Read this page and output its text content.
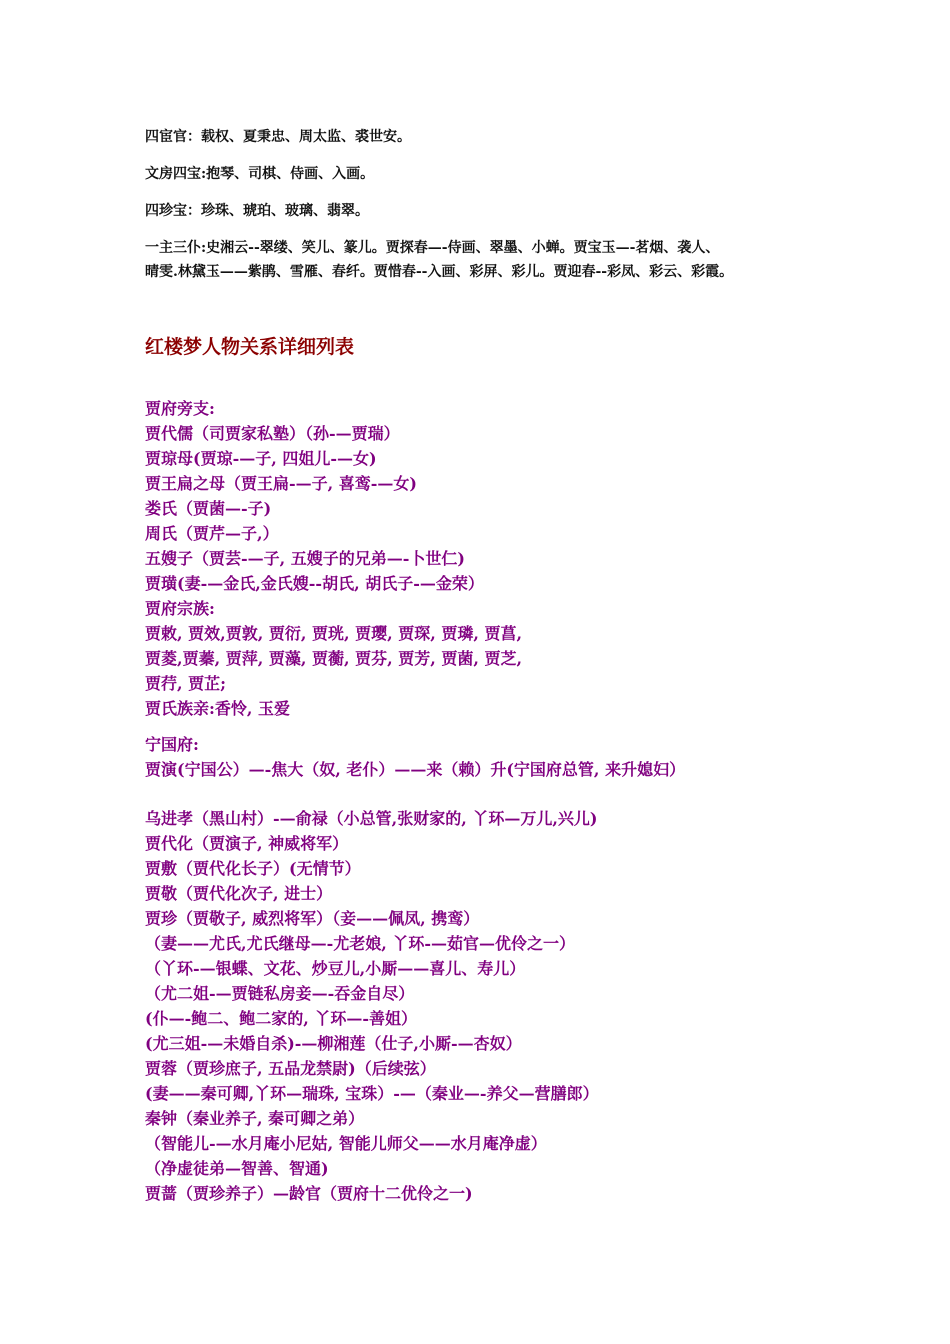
四宦官：载权、夏秉忠、周太监、裘世安。
文房四宝:抱琴、司棋、侍画、入画。
四珍宝：珍珠、琥珀、玻璃、翡翠。
一主三仆:史湘云--翠缕、笑儿、篆儿。贾探春—-侍画、翠墨、小蝉。贾宝玉—-茗烟、袭人、
晴雯.林黛玉——紫鹃、雪雁、春纤。贾惜春--入画、彩屏、彩儿。贾迎春--彩凤、彩云、彩霞。
红楼梦人物关系详细列表
贾府旁支:
贾代儒（司贾家私塾）（孙-—贾瑞）
贾琼母(贾琼-—子, 四姐儿-—女)
贾王扁之母（贾王扁-—子, 喜鸾-—女)
娄氏（贾菌—-子)
周氏（贾芹—子,）
五嫂子（贾芸-—子, 五嫂子的兄弟—-卜世仁)
贾璜(妻-—金氏,金氏嫂--胡氏, 胡氏子-—金荣）
贾府宗族:
贾敕, 贾效,贾敦, 贾衍, 贾珖, 贾璎, 贾琛, 贾璘, 贾菖,
贾菱,贾蓁, 贾萍, 贾藻, 贾蘅, 贾芬, 贾芳, 贾菌, 贾芝,
贾荇, 贾芷;
贾氏族亲:香怜, 玉爱
宁国府:
贾演(宁国公）—-焦大（奴, 老仆）——来（赖）升(宁国府总管, 来升媳妇）
乌进孝（黑山村）-—俞禄（小总管,张财家的, 丫环—万儿,兴儿)
贾代化（贾演子, 神威将军）
贾敷（贾代化长子）(无情节）
贾敬（贾代化次子, 进士）
贾珍（贾敬子, 威烈将军）（妾——佩凤, 携鸾）
（妻——尤氏,尤氏继母—-尤老娘, 丫环-—茹官—优伶之一）
（丫环-—银蝶、文花、炒豆儿,小厮——喜儿、寿儿）
（尤二姐-—贾链私房妾—-吞金自尽）
(仆—-鲍二、鲍二家的, 丫环—-善姐）
(尤三姐-—未婚自杀)-—柳湘莲（仕子,小厮-—杏奴）
贾蓉（贾珍庶子, 五品龙禁尉)（后续弦）
(妻——秦可卿,丫环—瑞珠, 宝珠）-—（秦业—-养父—营膳郎）
秦钟（秦业养子, 秦可卿之弟）
（智能儿-—水月庵小尼姑, 智能儿师父——水月庵净虚）
（净虚徒弟—智善、智通)
贾蔷（贾珍养子）—龄官（贾府十二优伶之一)
